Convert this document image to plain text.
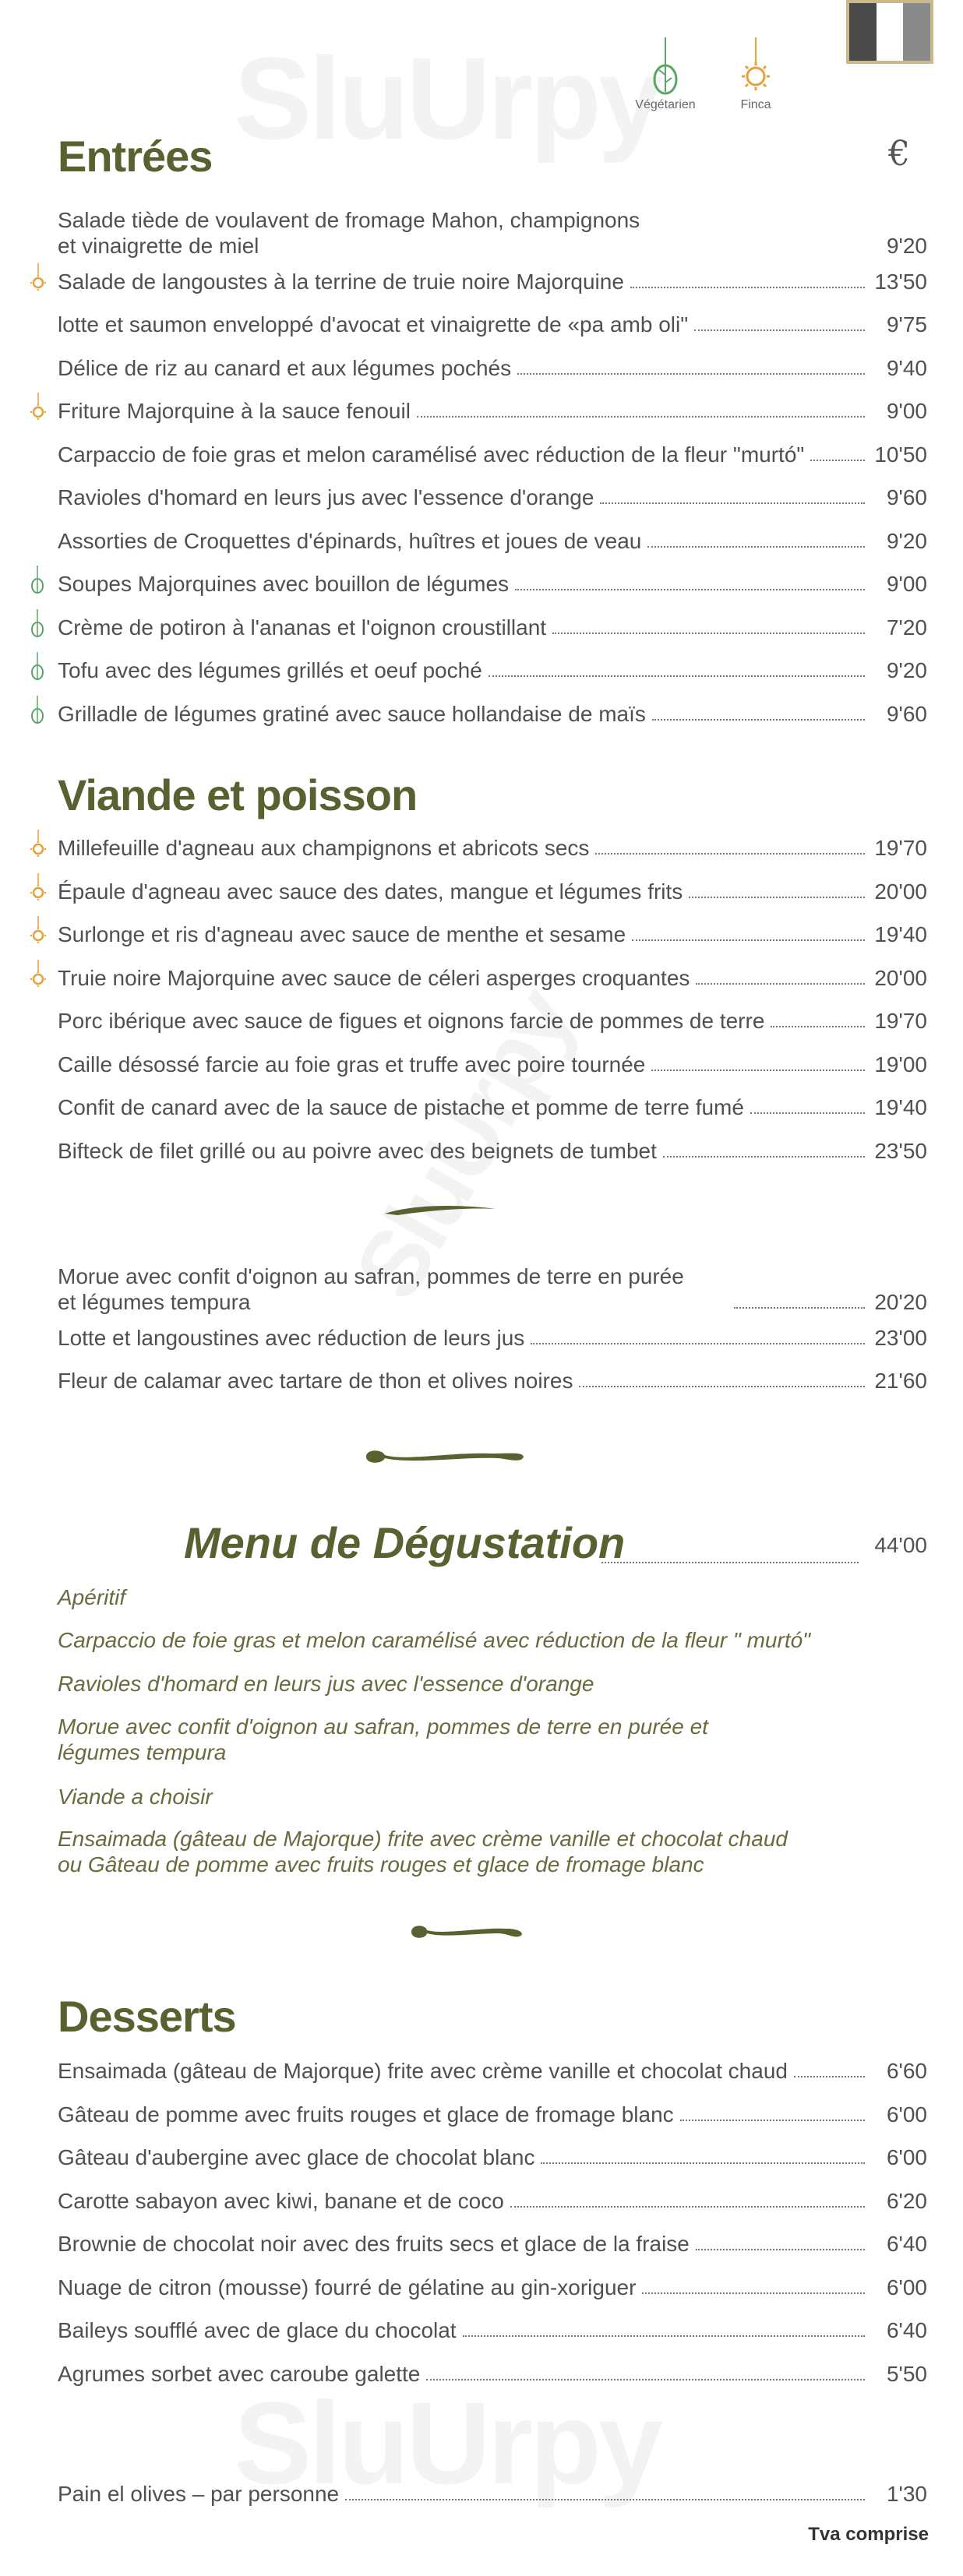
Végétarien	Finca
€
Entrées
Salade tiède de voulavent de fromage Mahon, champignons
et vinaigrette de miel	9'20
Salade de langoustes à la terrine de truie noire Majorquine	13'50
lotte et saumon enveloppé d'avocat et vinaigrette de «pa amb oli"	9'75
Délice de riz au canard et aux légumes pochés	9'40
Friture Majorquine à la sauce fenouil	9'00
Carpaccio de foie gras et melon caramélisé avec réduction de la fleur "murtó"	10'50
Ravioles d'homard en leurs jus avec l'essence d'orange	9'60
Assorties de Croquettes d'épinards, huîtres et joues de veau	9'20
Soupes Majorquines avec bouillon de légumes	9'00
Crème de potiron à l'ananas et l'oignon croustillant	7'20
Tofu avec des légumes grillés et oeuf poché	9'20
Grilladle de légumes gratiné avec sauce hollandaise de maïs	9'60
Viande et poisson
Millefeuille d'agneau aux champignons et abricots secs	19'70
Épaule d'agneau avec sauce des dates, mangue et légumes frits	20'00
Surlonge et ris d'agneau avec sauce de menthe et sesame	19'40
Truie noire Majorquine avec sauce de céleri asperges croquantes	20'00
Porc ibérique avec sauce de figues et oignons farcie de pommes de terre	19'70
Caille désossé farcie au foie gras et truffe avec poire tournée	19'00
Confit de canard avec de la sauce de pistache et pomme de terre fumé	19'40
Bifteck de filet grillé ou au poivre avec des beignets de tumbet	23'50
Morue avec confit d'oignon au safran, pommes de terre en purée
et légumes tempura	20'20
Lotte et langoustines avec réduction de leurs jus	23'00
Fleur de calamar avec tartare de thon et olives noires	21'60
Menu de Dégustation	44'00
Apéritif
Carpaccio de foie gras et melon caramélisé avec réduction de la fleur " murtó"
Ravioles d'homard en leurs jus avec l'essence d'orange
Morue avec confit d'oignon au safran, pommes de terre en purée et
légumes tempura
Viande a choisir
Ensaimada (gâteau de Majorque) frite avec crème vanille et chocolat chaud
ou Gâteau de pomme avec fruits rouges et glace de fromage blanc
Desserts
Ensaimada (gâteau de Majorque) frite avec crème vanille et chocolat chaud	6'60
Gâteau de pomme avec fruits rouges et glace de fromage blanc	6'00
Gâteau d'aubergine avec glace de chocolat blanc	6'00
Carotte sabayon avec kiwi, banane et de coco	6'20
Brownie de chocolat noir avec des fruits secs et glace de la fraise	6'40
Nuage de citron (mousse) fourré de gélatine au gin-xoriguer	6'00
Baileys soufflé avec de glace du chocolat	6'40
Agrumes sorbet avec caroube galette	5'50
Pain el olives – par personne	1'30
Tva comprise
